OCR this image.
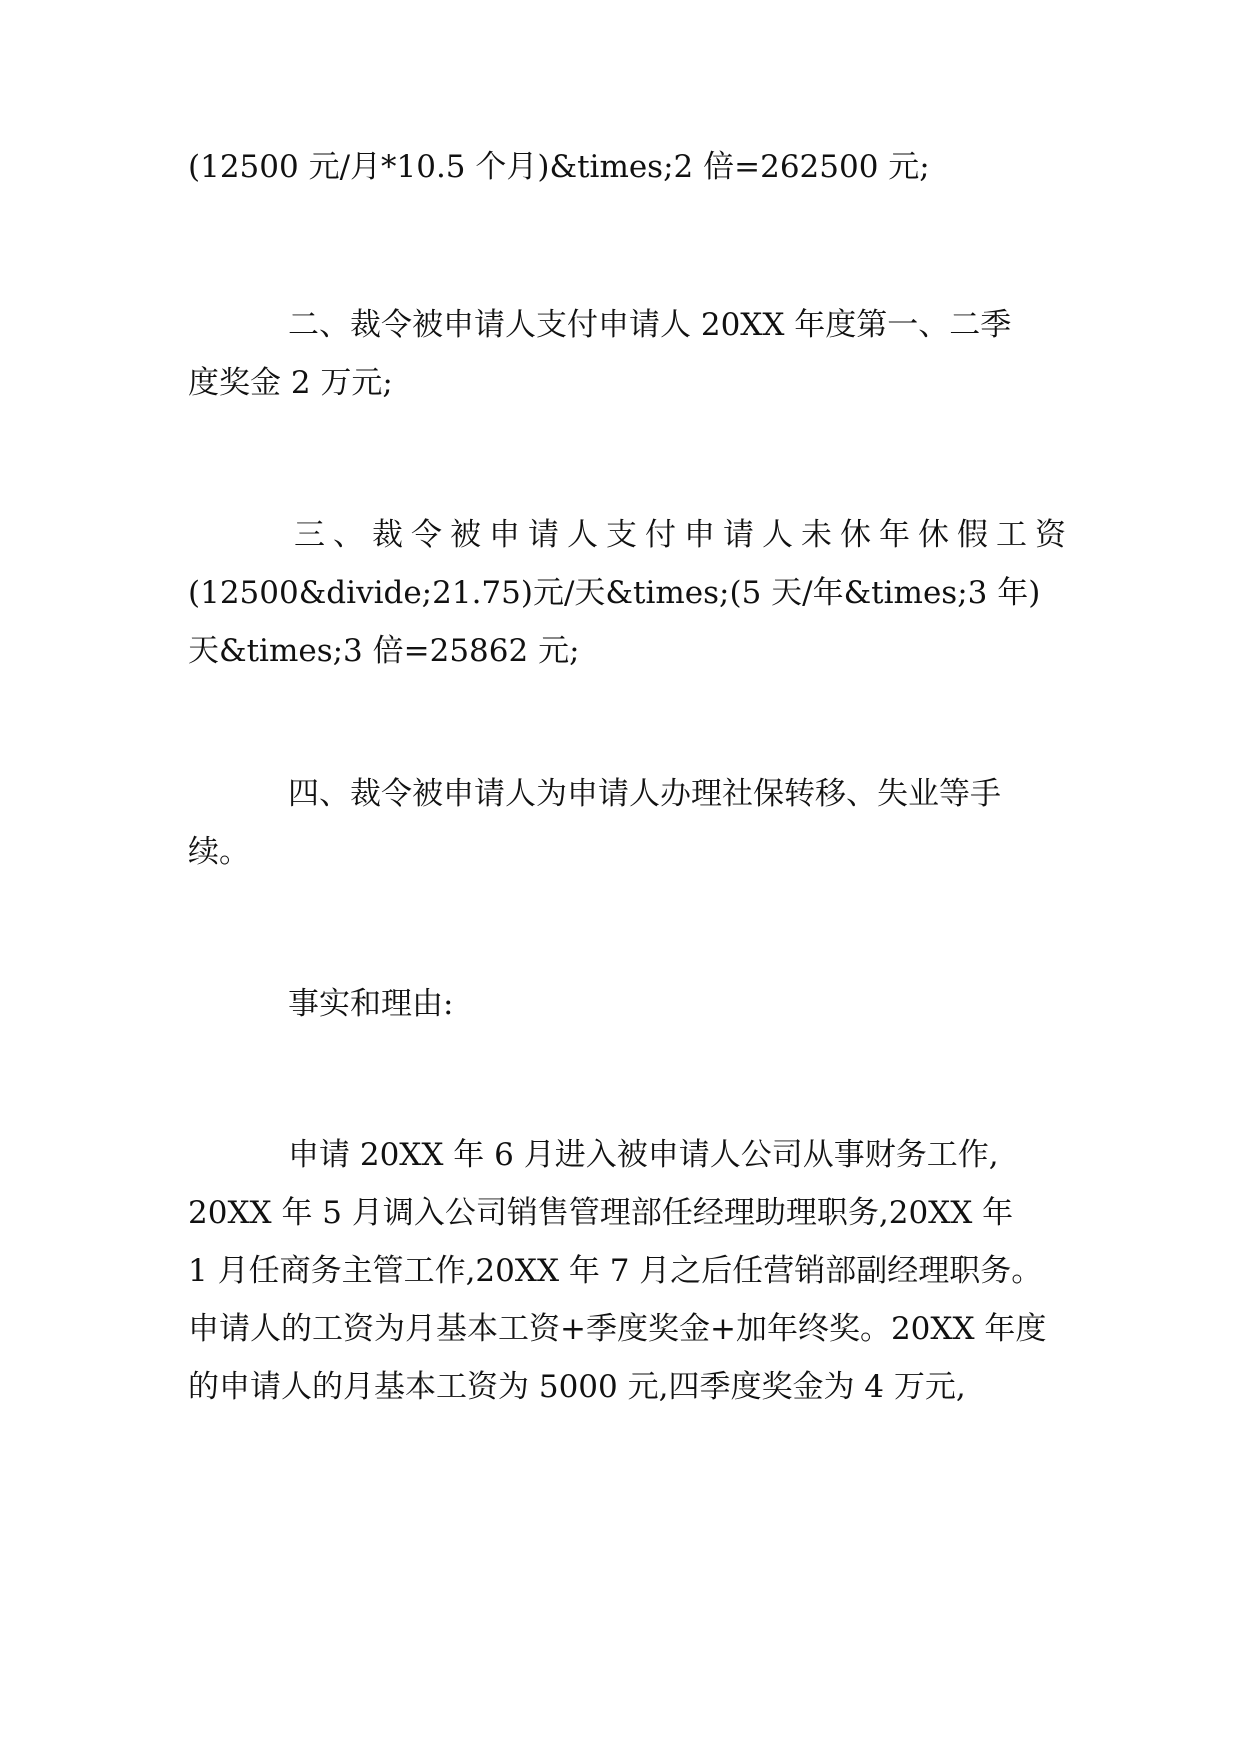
(12500 元/月*10.5 个月)&times;2 倍=262500 元;

二、裁令被申请人支付申请人 20XX 年度第一、二季
度奖金 2 万元;

三、裁令被申请人支付申请人未休年休假工资
(12500&divide;21.75)元/天&times;(5 天/年&times;3 年)
天&times;3 倍=25862 元;

四、裁令被申请人为申请人办理社保转移、失业等手
续。

事实和理由:

申请 20XX 年 6 月进入被申请人公司从事财务工作,
20XX 年 5 月调入公司销售管理部任经理助理职务,20XX 年
1 月任商务主管工作,20XX 年 7 月之后任营销部副经理职务。
申请人的工资为月基本工资+季度奖金+加年终奖。20XX 年度
的申请人的月基本工资为 5000 元,四季度奖金为 4 万元,
